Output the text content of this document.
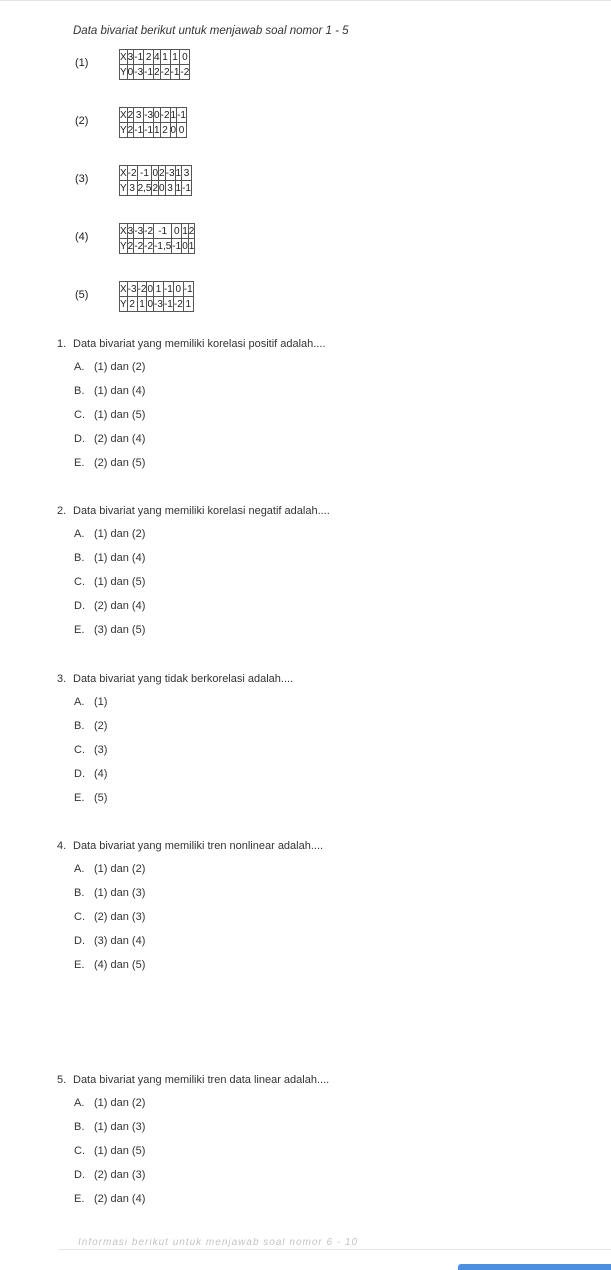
Data bivariat berikut untuk menjawab soal nomor 1 - 5
(1)	X	3	-1	2	4	1	1	0
Y	0	-3	-1	2	-2	-1	-2
(2)	X	2	3	-3	0	-2	1	-1
Y	2	-1	-1	1	2	0	0
(3)	X	-2	-1	0	2	-3	1	3
Y	3	2,5	2	0	3	1	-1
(4)	X	3	-3	-2	-1	0	1	2
Y	2	-2	-2	-1,5	-1	0	1
(5)	X	-3	-2	0	1	-1	0	-1
Y	2	1	0	-3	-1	-2	1
1. Data bivariat yang memiliki korelasi positif adalah....
A. (1) dan (2)
B. (1) dan (4)
C. (1) dan (5)
D. (2) dan (4)
E. (2) dan (5)
2. Data bivariat yang memiliki korelasi negatif adalah....
A. (1) dan (2)
B. (1) dan (4)
C. (1) dan (5)
D. (2) dan (4)
E. (3) dan (5)
3. Data bivariat yang tidak berkorelasi adalah....
A. (1)
B. (2)
C. (3)
D. (4)
E. (5)
4. Data bivariat yang memiliki tren nonlinear adalah....
A. (1) dan (2)
B. (1) dan (3)
C. (2) dan (3)
D. (3) dan (4)
E. (4) dan (5)
5. Data bivariat yang memiliki tren data linear adalah....
A. (1) dan (2)
B. (1) dan (3)
C. (1) dan (5)
D. (2) dan (3)
E. (2) dan (4)
Informasi berikut untuk menjawab soal nomor 6 - 10
